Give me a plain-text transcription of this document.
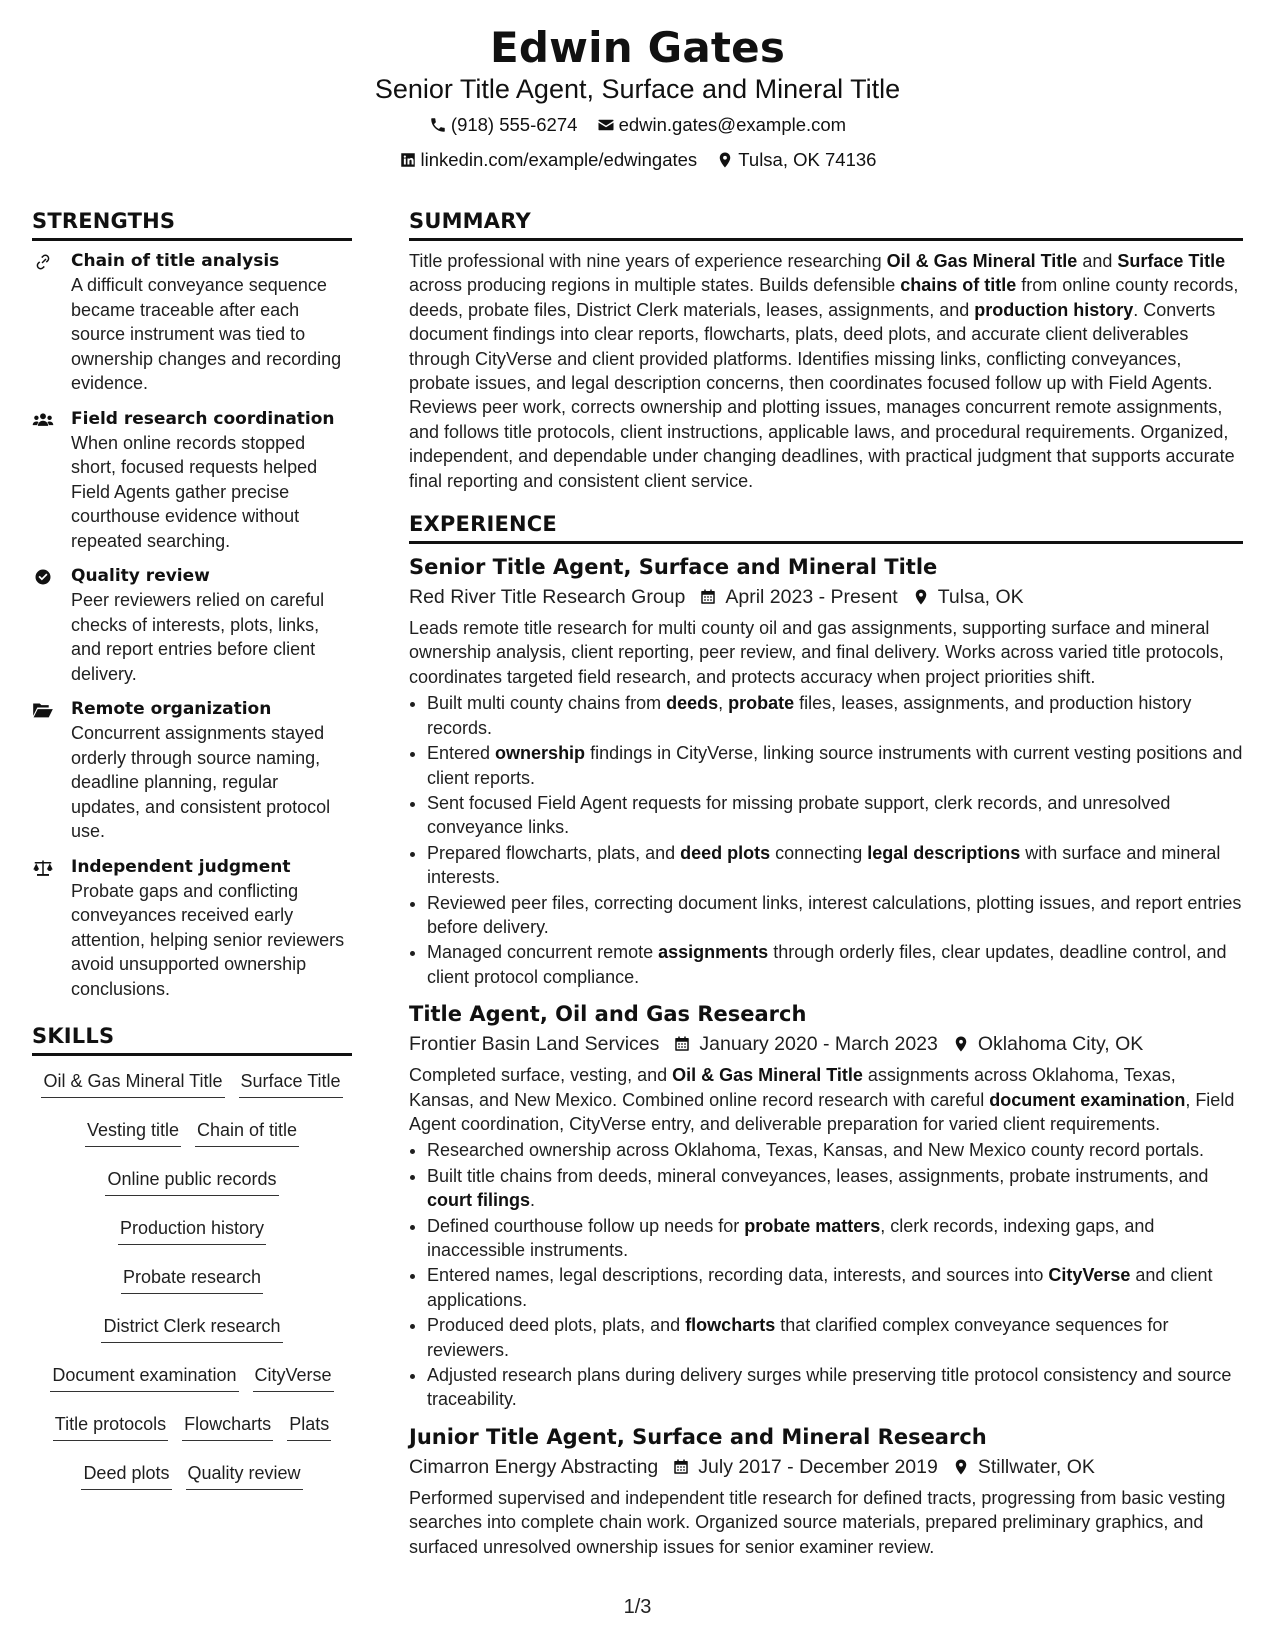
Edwin Gates
Senior Title Agent, Surface and Mineral Title
(918) 555-6274
edwin.gates@example.com
linkedin.com/example/edwingates
Tulsa, OK 74136
STRENGTHS
Chain of title analysis
A difficult conveyance sequence became traceable after each source instrument was tied to ownership changes and recording evidence.
Field research coordination
When online records stopped short, focused requests helped Field Agents gather precise courthouse evidence without repeated searching.
Quality review
Peer reviewers relied on careful checks of interests, plots, links, and report entries before client delivery.
Remote organization
Concurrent assignments stayed orderly through source naming, deadline planning, regular updates, and consistent protocol use.
Independent judgment
Probate gaps and conflicting conveyances received early attention, helping senior reviewers avoid unsupported ownership conclusions.
SKILLS
Oil & Gas Mineral Title Surface Title
Vesting title Chain of title
Online public records
Production history
Probate research
District Clerk research
Document examination CityVerse
Title protocols Flowcharts Plats
Deed plots Quality review
SUMMARY

Title professional with nine years of experience researching Oil & Gas Mineral Title and Surface Title across producing regions in multiple states. Builds defensible chains of title from online county records, deeds, probate files, District Clerk materials, leases, assignments, and production history. Converts document findings into clear reports, flowcharts, plats, deed plots, and accurate client deliverables through CityVerse and client provided platforms. Identifies missing links, conflicting conveyances, probate issues, and legal description concerns, then coordinates focused follow up with Field Agents. Reviews peer work, corrects ownership and plotting issues, manages concurrent remote assignments, and follows title protocols, client instructions, applicable laws, and procedural requirements. Organized, independent, and dependable under changing deadlines, with practical judgment that supports accurate final reporting and consistent client service.

EXPERIENCE
Senior Title Agent, Surface and Mineral Title
Red River Title Research Group April 2023 - Present Tulsa, OK

Leads remote title research for multi county oil and gas assignments, supporting surface and mineral ownership analysis, client reporting, peer review, and final delivery. Works across varied title protocols, coordinates targeted field research, and protects accuracy when project priorities shift.

• Built multi county chains from deeds, probate files, leases, assignments, and production history records.
• Entered ownership findings in CityVerse, linking source instruments with current vesting positions and client reports.
• Sent focused Field Agent requests for missing probate support, clerk records, and unresolved conveyance links.
• Prepared flowcharts, plats, and deed plots connecting legal descriptions with surface and mineral interests.
• Reviewed peer files, correcting document links, interest calculations, plotting issues, and report entries before delivery.
• Managed concurrent remote assignments through orderly files, clear updates, deadline control, and client protocol compliance.
Title Agent, Oil and Gas Research
Frontier Basin Land Services January 2020 - March 2023 Oklahoma City, OK

Completed surface, vesting, and Oil & Gas Mineral Title assignments across Oklahoma, Texas, Kansas, and New Mexico. Combined online record research with careful document examination, Field Agent coordination, CityVerse entry, and deliverable preparation for varied client requirements.

• Researched ownership across Oklahoma, Texas, Kansas, and New Mexico county record portals.
• Built title chains from deeds, mineral conveyances, leases, assignments, probate instruments, and court filings.
• Defined courthouse follow up needs for probate matters, clerk records, indexing gaps, and inaccessible instruments.
• Entered names, legal descriptions, recording data, interests, and sources into CityVerse and client applications.
• Produced deed plots, plats, and flowcharts that clarified complex conveyance sequences for reviewers.
• Adjusted research plans during delivery surges while preserving title protocol consistency and source traceability.
Junior Title Agent, Surface and Mineral Research
Cimarron Energy Abstracting July 2017 - December 2019 Stillwater, OK

Performed supervised and independent title research for defined tracts, progressing from basic vesting searches into complete chain work. Organized source materials, prepared preliminary graphics, and surfaced unresolved ownership issues for senior examiner review.

1/3
